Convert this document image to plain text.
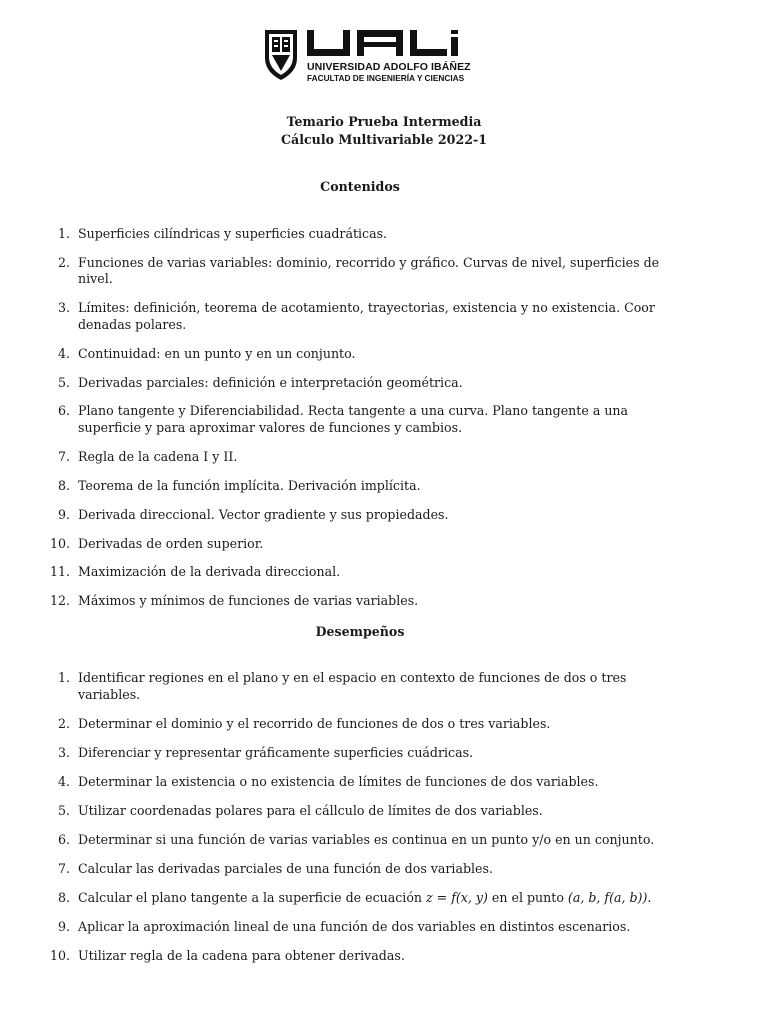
UNIVERSIDAD ADOLFO IBÁÑEZ
FACULTAD DE INGENIERÍA Y CIENCIAS
Temario Prueba Intermedia
Cálculo Multivariable 2022-1
Contenidos
1. Superficies cilíndricas y superficies cuadráticas.
2. Funciones de varias variables: dominio, recorrido y gráfico. Curvas de nivel, superficies de nivel.
3. Límites: definición, teorema de acotamiento, trayectorias, existencia y no existencia. Coor denadas polares.
4. Continuidad: en un punto y en un conjunto.
5. Derivadas parciales: definición e interpretación geométrica.
6. Plano tangente y Diferenciabilidad. Recta tangente a una curva. Plano tangente a una superficie y para aproximar valores de funciones y cambios.
7. Regla de la cadena I y II.
8. Teorema de la función implícita. Derivación implícita.
9. Derivada direccional. Vector gradiente y sus propiedades.
10. Derivadas de orden superior.
11. Maximización de la derivada direccional.
12. Máximos y mínimos de funciones de varias variables.
Desempeños
1. Identificar regiones en el plano y en el espacio en contexto de funciones de dos o tres variables.
2. Determinar el dominio y el recorrido de funciones de dos o tres variables.
3. Diferenciar y representar gráficamente superficies cuádricas.
4. Determinar la existencia o no existencia de límites de funciones de dos variables.
5. Utilizar coordenadas polares para el cállculo de límites de dos variables.
6. Determinar si una función de varias variables es continua en un punto y/o en un conjunto.
7. Calcular las derivadas parciales de una función de dos variables.
8. Calcular el plano tangente a la superficie de ecuación z = f(x, y) en el punto (a, b, f(a, b)).
9. Aplicar la aproximación lineal de una función de dos variables en distintos escenarios.
10. Utilizar regla de la cadena para obtener derivadas.
